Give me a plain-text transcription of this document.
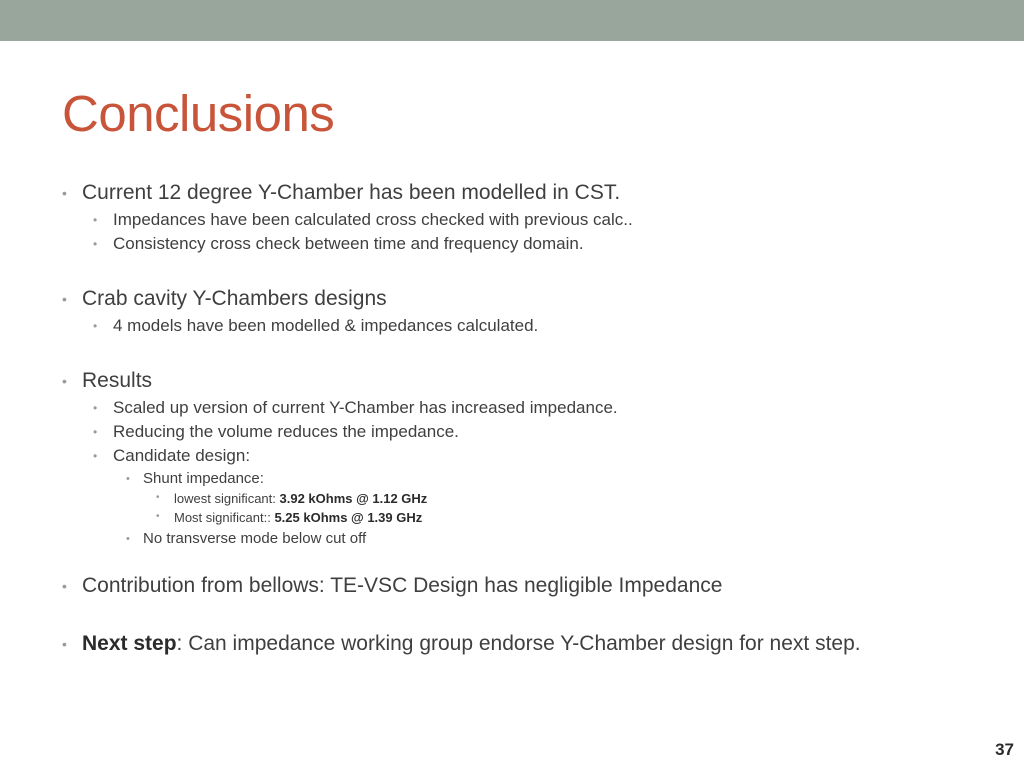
Conclusions
• Current 12 degree Y-Chamber has been modelled in CST.
• Impedances have been calculated cross checked with previous calc..
• Consistency cross check between time and frequency domain.
• Crab cavity Y-Chambers designs
• 4 models have been modelled & impedances calculated.
• Results
• Scaled up version of current Y-Chamber has increased impedance.
• Reducing the volume reduces the impedance.
• Candidate design:
• Shunt impedance:
• lowest significant: 3.92 kOhms @ 1.12 GHz
• Most significant:: 5.25 kOhms @ 1.39 GHz
• No transverse mode below cut off
• Contribution from bellows: TE-VSC Design has negligible Impedance
• Next step: Can impedance working group endorse Y-Chamber design for next step.
37
